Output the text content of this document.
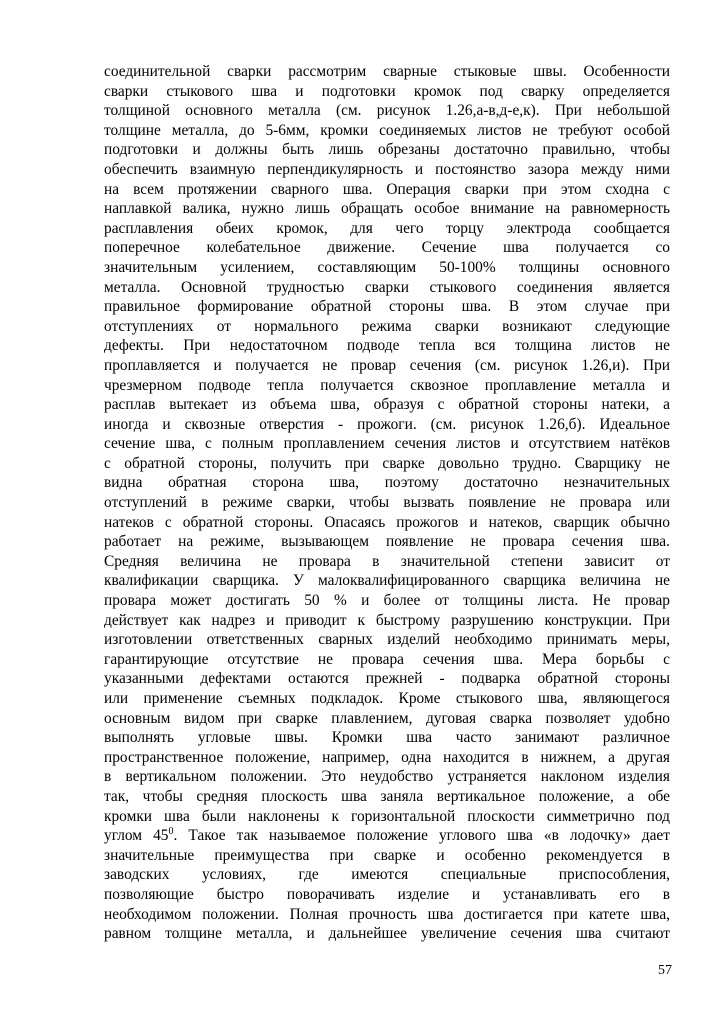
соединительной сварки рассмотрим сварные стыковые швы. Особенности
сварки стыкового шва и подготовки кромок под сварку определяется
толщиной основного металла (см. рисунок 1.26,а-в,д-е,к). При небольшой
толщине металла, до 5-6мм, кромки соединяемых листов не требуют особой
подготовки и должны быть лишь обрезаны достаточно правильно, чтобы
обеспечить взаимную перпендикулярность и постоянство зазора между ними
на всем протяжении сварного шва. Операция сварки при этом сходна с
наплавкой валика, нужно лишь обращать особое внимание на равномерность
расплавления обеих кромок, для чего торцу электрода сообщается
поперечное колебательное движение. Сечение шва получается со
значительным усилением, составляющим 50-100% толщины основного
металла. Основной трудностью сварки стыкового соединения является
правильное формирование обратной стороны шва. В этом случае при
отступлениях от нормального режима сварки возникают следующие
дефекты. При недостаточном подводе тепла вся толщина листов не
проплавляется и получается не провар сечения (см. рисунок 1.26,и). При
чрезмерном подводе тепла получается сквозное проплавление металла и
расплав вытекает из объема шва, образуя с обратной стороны натеки, а
иногда и сквозные отверстия - прожоги. (см. рисунок 1.26,б). Идеальное
сечение шва, с полным проплавлением сечения листов и отсутствием натёков
с обратной стороны, получить при сварке довольно трудно. Сварщику не
видна обратная сторона шва, поэтому достаточно незначительных
отступлений в режиме сварки, чтобы вызвать появление не провара или
натеков с обратной стороны. Опасаясь прожогов и натеков, сварщик обычно
работает на режиме, вызывающем появление не провара сечения шва.
Средняя величина не провара в значительной степени зависит от
квалификации сварщика. У малоквалифицированного сварщика величина не
провара может достигать 50 % и более от толщины листа. Не провар
действует как надрез и приводит к быстрому разрушению конструкции. При
изготовлении ответственных сварных изделий необходимо принимать меры,
гарантирующие отсутствие не провара сечения шва. Мера борьбы с
указанными дефектами остаются прежней - подварка обратной стороны
или применение съемных подкладок. Кроме стыкового шва, являющегося
основным видом при сварке плавлением, дуговая сварка позволяет удобно
выполнять угловые швы. Кромки шва часто занимают различное
пространственное положение, например, одна находится в нижнем, а другая
в вертикальном положении. Это неудобство устраняется наклоном изделия
так, чтобы средняя плоскость шва заняла вертикальное положение, а обе
кромки шва были наклонены к горизонтальной плоскости симметрично под
углом $45^0$. Такое так называемое положение углового шва «в лодочку» дает
значительные преимущества при сварке и особенно рекомендуется в
заводских условиях, где имеются специальные приспособления,
позволяющие быстро поворачивать изделие и устанавливать его в
необходимом положении. Полная прочность шва достигается при катете шва,
равном толщине металла, и дальнейшее увеличение сечения шва считают
57
